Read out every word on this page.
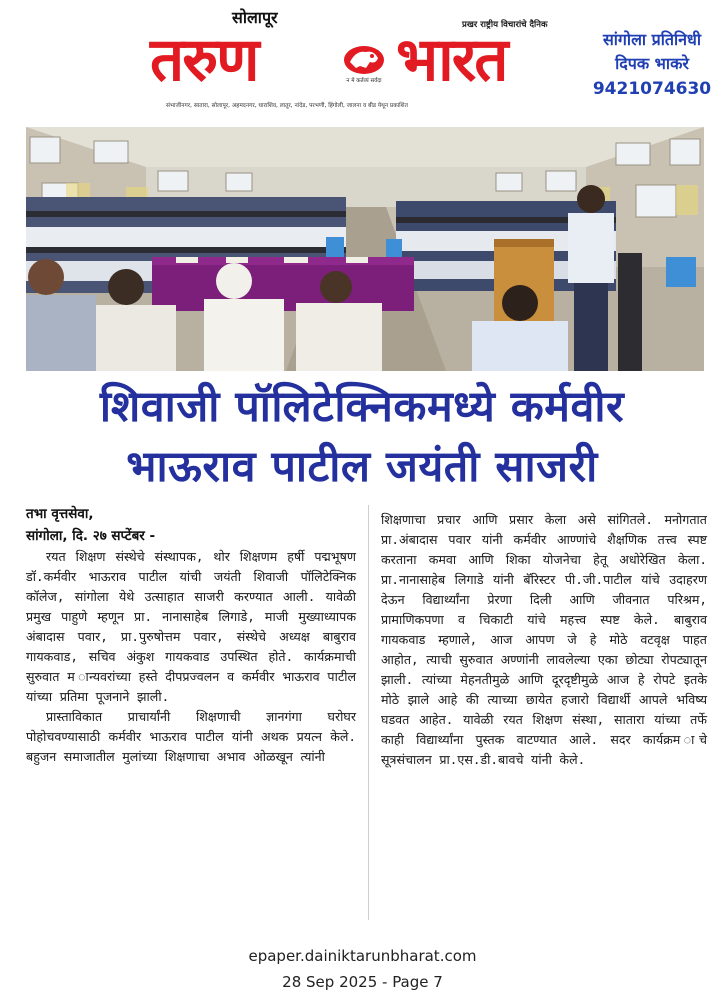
सोलापूर	प्रखर राष्ट्रीय विचारांचे दैनिक
तरुण	न मे कर्तव्यं सर्वदा भारत
संभाजीनगर, सातारा, सोलापूर, अहमदनगर, धाराशिव, लातूर, नांदेड, परभणी, हिंगोली, जालना व बीड येथून प्रकाशित
सांगोला प्रतिनिधी
दिपक भाकरे
9421074630
शिवाजी पॉलिटेक्निकमध्ये कर्मवीर
भाऊराव पाटील जयंती साजरी
तभा वृत्तसेवा,
सांगोला, दि. २७ सप्टेंबर -

रयत शिक्षण संस्थेचे संस्थापक, थोर शिक्षणम हर्षी पद्मभूषण डॉ.कर्मवीर भाऊराव पाटील यांची जयंती शिवाजी पॉलिटेक्निक कॉलेज, सांगोला येथे उत्साहात साजरी करण्यात आली. यावेळी प्रमुख पाहुणे म्हणून प्रा. नानासाहेब लिगाडे, माजी मुख्याध्यापक अंबादास पवार, प्रा.पुरुषोत्तम पवार, संस्थेचे अध्यक्ष बाबुराव गायकवाड, सचिव अंकुश गायकवाड उपस्थित होते. कार्यक्रमाची सुरुवात म ान्यवरांच्या हस्ते दीपप्रज्वलन व कर्मवीर भाऊराव पाटील यांच्या प्रतिमा पूजनाने झाली.

प्रास्ताविकात प्राचार्यांनी शिक्षणाची ज्ञानगंगा घरोघर पोहोचवण्यासाठी कर्मवीर भाऊराव पाटील यांनी अथक प्रयत्न केले. बहुजन समाजातील मुलांच्या शिक्षणाचा अभाव ओळखून त्यांनी

शिक्षणाचा प्रचार आणि प्रसार केला असे सांगितले. मनोगतात प्रा.अंबादास पवार यांनी कर्मवीर आण्णांचे शैक्षणिक तत्त्व स्पष्ट करताना कमवा आणि शिका योजनेचा हेतू अधोरेखित केला. प्रा.नानासाहेब लिगाडे यांनी बॅरिस्टर पी.जी.पाटील यांचे उदाहरण देऊन विद्यार्थ्यांना प्रेरणा दिली आणि जीवनात परिश्रम, प्रामाणिकपणा व चिकाटी यांचे महत्त्व स्पष्ट केले. बाबुराव गायकवाड म्हणाले, आज आपण जे हे मोठे वटवृक्ष पाहत आहोत, त्याची सुरुवात अण्णांनी लावलेल्या एका छोट्या रोपट्यातून झाली. त्यांच्या मेहनतीमुळे आणि दूरदृष्टीमुळे आज हे रोपटे इतके मोठे झाले आहे की त्याच्या छायेत हजारो विद्यार्थी आपले भविष्य घडवत आहेत. यावेळी रयत शिक्षण संस्था, सातारा यांच्या तर्फे काही विद्यार्थ्यांना पुस्तक वाटण्यात आले. सदर कार्यक्रम ाचे सूत्रसंचालन प्रा.एस.डी.बावचे यांनी केले.

epaper.dainiktarunbharat.com
28 Sep 2025 - Page 7
